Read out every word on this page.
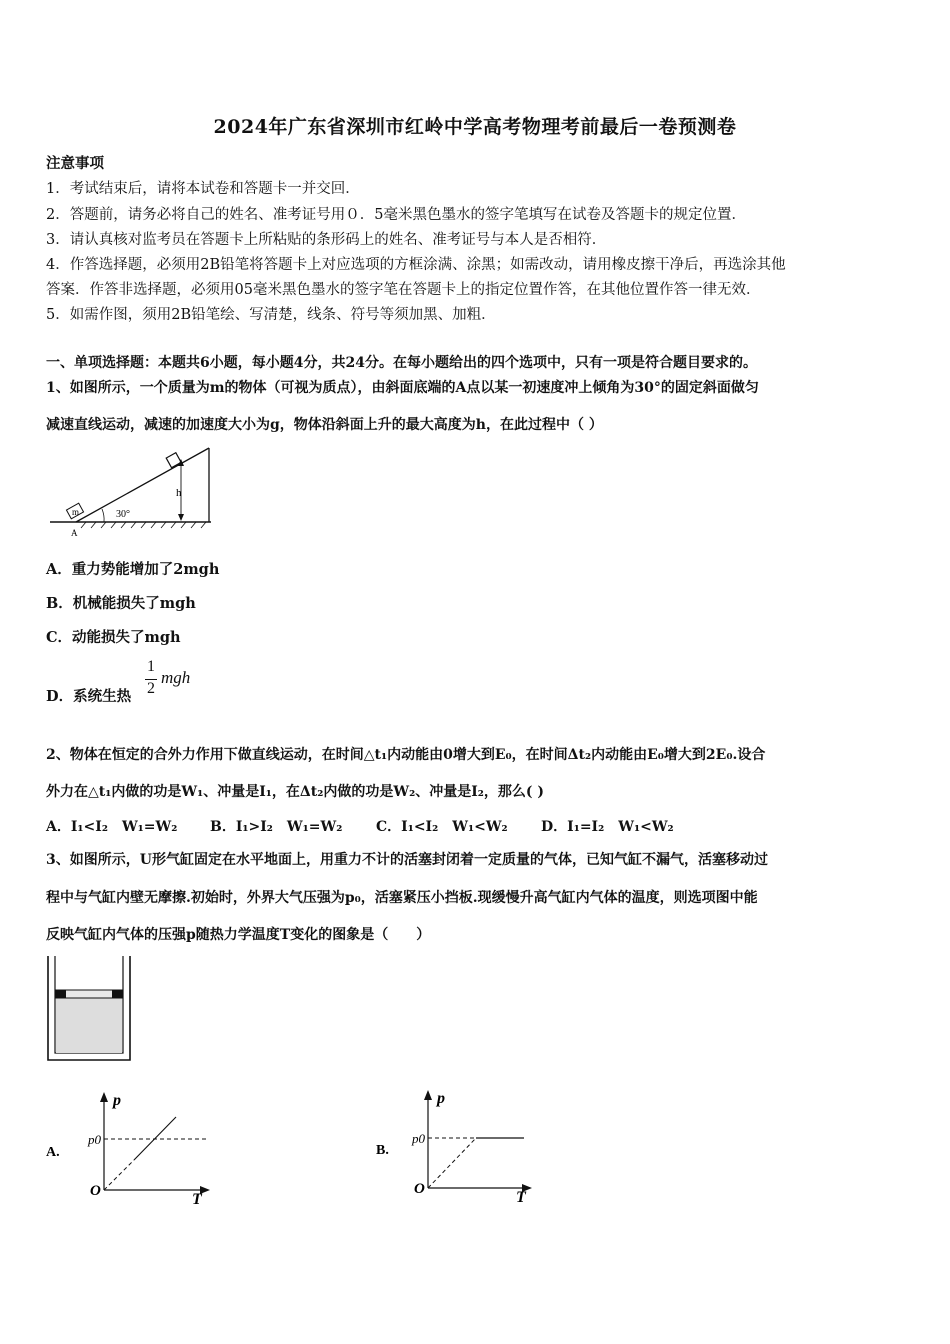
2024年广东省深圳市红岭中学高考物理考前最后一卷预测卷
注意事项
1．考试结束后，请将本试卷和答题卡一并交回．
2．答题前，请务必将自己的姓名、准考证号用０．5毫米黑色墨水的签字笔填写在试卷及答题卡的规定位置．
3．请认真核对监考员在答题卡上所粘贴的条形码上的姓名、准考证号与本人是否相符．
4．作答选择题，必须用2B铅笔将答题卡上对应选项的方框涂满、涂黑；如需改动，请用橡皮擦干净后，再选涂其他
答案．作答非选择题，必须用05毫米黑色墨水的签字笔在答题卡上的指定位置作答，在其他位置作答一律无效．
5．如需作图，须用2B铅笔绘、写清楚，线条、符号等须加黑、加粗．
一、单项选择题：本题共6小题，每小题4分，共24分。在每小题给出的四个选项中，只有一项是符合题目要求的。
1、如图所示，一个质量为m的物体（可视为质点），由斜面底端的A点以某一初速度冲上倾角为30°的固定斜面做匀
减速直线运动，减速的加速度大小为g，物体沿斜面上升的最大高度为h，在此过程中（ ）
m
h
30°
A
A．重力势能增加了2mgh
B．机械能损失了mgh
C．动能损失了mgh
D．系统生热
1
2
mgh
2、物体在恒定的合外力作用下做直线运动，在时间△t₁内动能由0增大到E₀，在时间Δt₂内动能由E₀增大到2E₀.设合
外力在△t₁内做的功是W₁、冲量是I₁，在Δt₂内做的功是W₂、冲量是I₂，那么( )
A．I₁<I₂　W₁=W₂ B．I₁>I₂　W₁=W₂ C．I₁<I₂　W₁<W₂ D．I₁=I₂　W₁<W₂
3、如图所示，U形气缸固定在水平地面上，用重力不计的活塞封闭着一定质量的气体，已知气缸不漏气，活塞移动过
程中与气缸内壁无摩擦.初始时，外界大气压强为p₀，活塞紧压小挡板.现缓慢升高气缸内气体的温度，则选项图中能
反映气缸内气体的压强p随热力学温度T变化的图象是（　　）
A.
p
T
O
p0
B.
p
T
O
p0
